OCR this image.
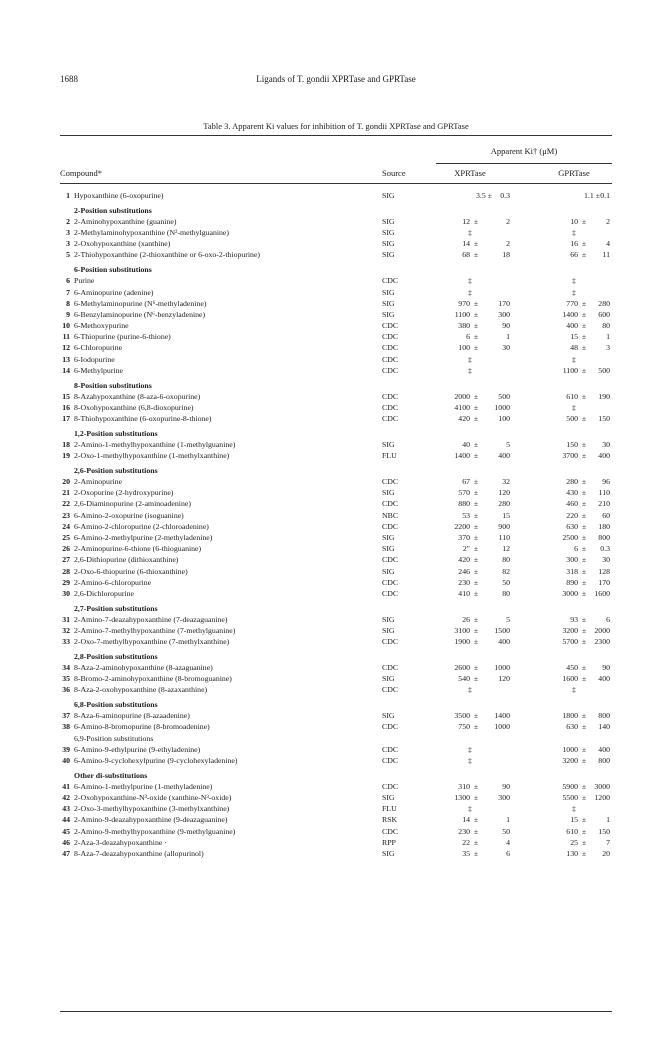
1688	Ligands of T. gondii XPRTase and GPRTase
Table 3. Apparent Ki values for inhibition of T. gondii XPRTase and GPRTase
Apparent Ki† (μM)
Compound*	Source	XPRTase	GPRTase
1 Hypoxanthine (6-oxopurine)	SIG	3.5 ±	0.3	1.1 ± 0.1
2-Position substitutions
2 2-Aminohypoxanthine (guanine)	SIG	12 ±	2	10 ±	2
3 2-Methylaminohypoxanthine (N²-methylguanine)	SIG	‡	‡
3 2-Oxohypoxanthine (xanthine)	SIG	14 ±	2	16 ±	4
5 2-Thiohypoxanthine (2-thioxanthine or 6-oxo-2-thiopurine)	SIG	68 ±	18	66 ±	11
6-Position substitutions
6 Purine	CDC	‡	‡
7 6-Aminopurine (adenine)	SIG	‡	‡
8 6-Methylaminopurine (N⁶-methyladenine)	SIG	970 ±	170	770 ±	280
9 6-Benzylaminopurine (N⁶-benzyladenine)	SIG	1100 ±	300	1400 ±	600
10 6-Methoxypurine	CDC	380 ±	90	400 ±	80
11 6-Thiopurine (purine-6-thione)	CDC	6 ±	1	15 ±	1
12 6-Chloropurine	CDC	100 ±	30	48 ±	3
13 6-Iodopurine	CDC	‡	‡
14 6-Methylpurine	CDC	‡	1100 ±	500
8-Position substitutions
15 8-Azahypoxanthine (8-aza-6-oxopurine)	CDC	2000 ±	500	610 ±	190
16 8-Oxohypoxanthine (6,8-dioxopurine)	CDC	4100 ±	1000	‡
17 8-Thiohypoxanthine (6-oxopurine-8-thione)	CDC	420 ±	100	500 ±	150
1,2-Position substitutions
18 2-Amino-1-methylhypoxanthine (1-methylguanine)	SIG	40 ±	5	150 ±	30
19 2-Oxo-1-methylhypoxanthine (1-methylxanthine)	FLU	1400 ±	400	3700 ±	400
2,6-Position substitutions
20 2-Aminopurine	CDC	67 ±	32	280 ±	96
21 2-Oxopurine (2-hydroxypurine)	SIG	570 ±	120	430 ±	110
22 2,6-Diaminopurine (2-aminoadenine)	CDC	880 ±	280	460 ±	210
23 6-Amino-2-oxopurine (isoguanine)	NBC	53 ±	15	220 ±	60
24 6-Amino-2-chloropurine (2-chloroadenine)	CDC	2200 ±	900	630 ±	180
25 6-Amino-2-methylpurine (2-methyladenine)	SIG	370 ±	110	2500 ±	800
26 2-Aminopurine-6-thione (6-thioguanine)	SIG	2″ ±	12	6 ±	0.3
27 2,6-Dithiopurine (dithioxanthine)	CDC	420 ±	80	300 ±	30
28 2-Oxo-6-thiopurine (6-thioxanthine)	SIG	246 ±	82	318 ±	128
29 2-Amino-6-chloropurine	CDC	230 ±	50	890 ±	170
30 2,6-Dichloropurine	CDC	410 ±	80	3000 ±	1600
2,7-Position substitutions
31 2-Amino-7-deazahypoxanthine (7-deazaguanine)	SIG	26 ±	5	93 ±	6
32 2-Amino-7-methylhypoxanthine (7-methylguanine)	SIG	3100 ±	1500	3200 ±	2000
33 2-Oxo-7-methylhypoxanthine (7-methylxanthine)	CDC	1900 ±	400	5700 ±	2300
2,8-Position substitutions
34 8-Aza-2-aminohypoxanthine (8-azaguanine)	CDC	2600 ±	1000	450 ±	90
35 8-Bromo-2-aminohypoxanthine (8-bromoguanine)	SIG	540 ±	120	1600 ±	400
36 8-Aza-2-oxohypoxanthine (8-azaxanthine)	CDC	‡	‡
6,8-Position substitutions
37 8-Aza-6-aminopurine (8-azaadenine)	SIG	3500 ±	1400	1800 ±	800
38 6-Amino-8-bromopurine (8-bromoadenine)	CDC	750 ±	1000	630 ±	140
6,9-Position substitutions
39 6-Amino-9-ethylpurine (9-ethyladenine)	CDC	‡	1000 ±	400
40 6-Amino-9-cyclohexylpurine (9-cyclohexyladenine)	CDC	‡	3200 ±	800
Other di-substitutions
41 6-Amino-1-methylpurine (1-methyladenine)	CDC	310 ±	90	5900 ±	3000
42 2-Oxohypoxanthine-N³-oxide (xanthine-N³-oxide)	SIG	1300 ±	300	5500 ±	1200
43 2-Oxo-3-methylhypoxanthine (3-methylxanthine)	FLU	‡	‡
44 2-Amino-9-deazahypoxanthine (9-deazaguanine)	RSK	14 ±	1	15 ±	1
45 2-Amino-9-methylhypoxanthine (9-methylguanine)	CDC	230 ±	50	610 ±	150
46 2-Aza-3-deazahypoxanthine ·	RPP	22 ±	4	25 ±	7
47 8-Aza-7-deazahypoxanthine (allopurinol)	SIG	35 ±	6	130 ±	20
